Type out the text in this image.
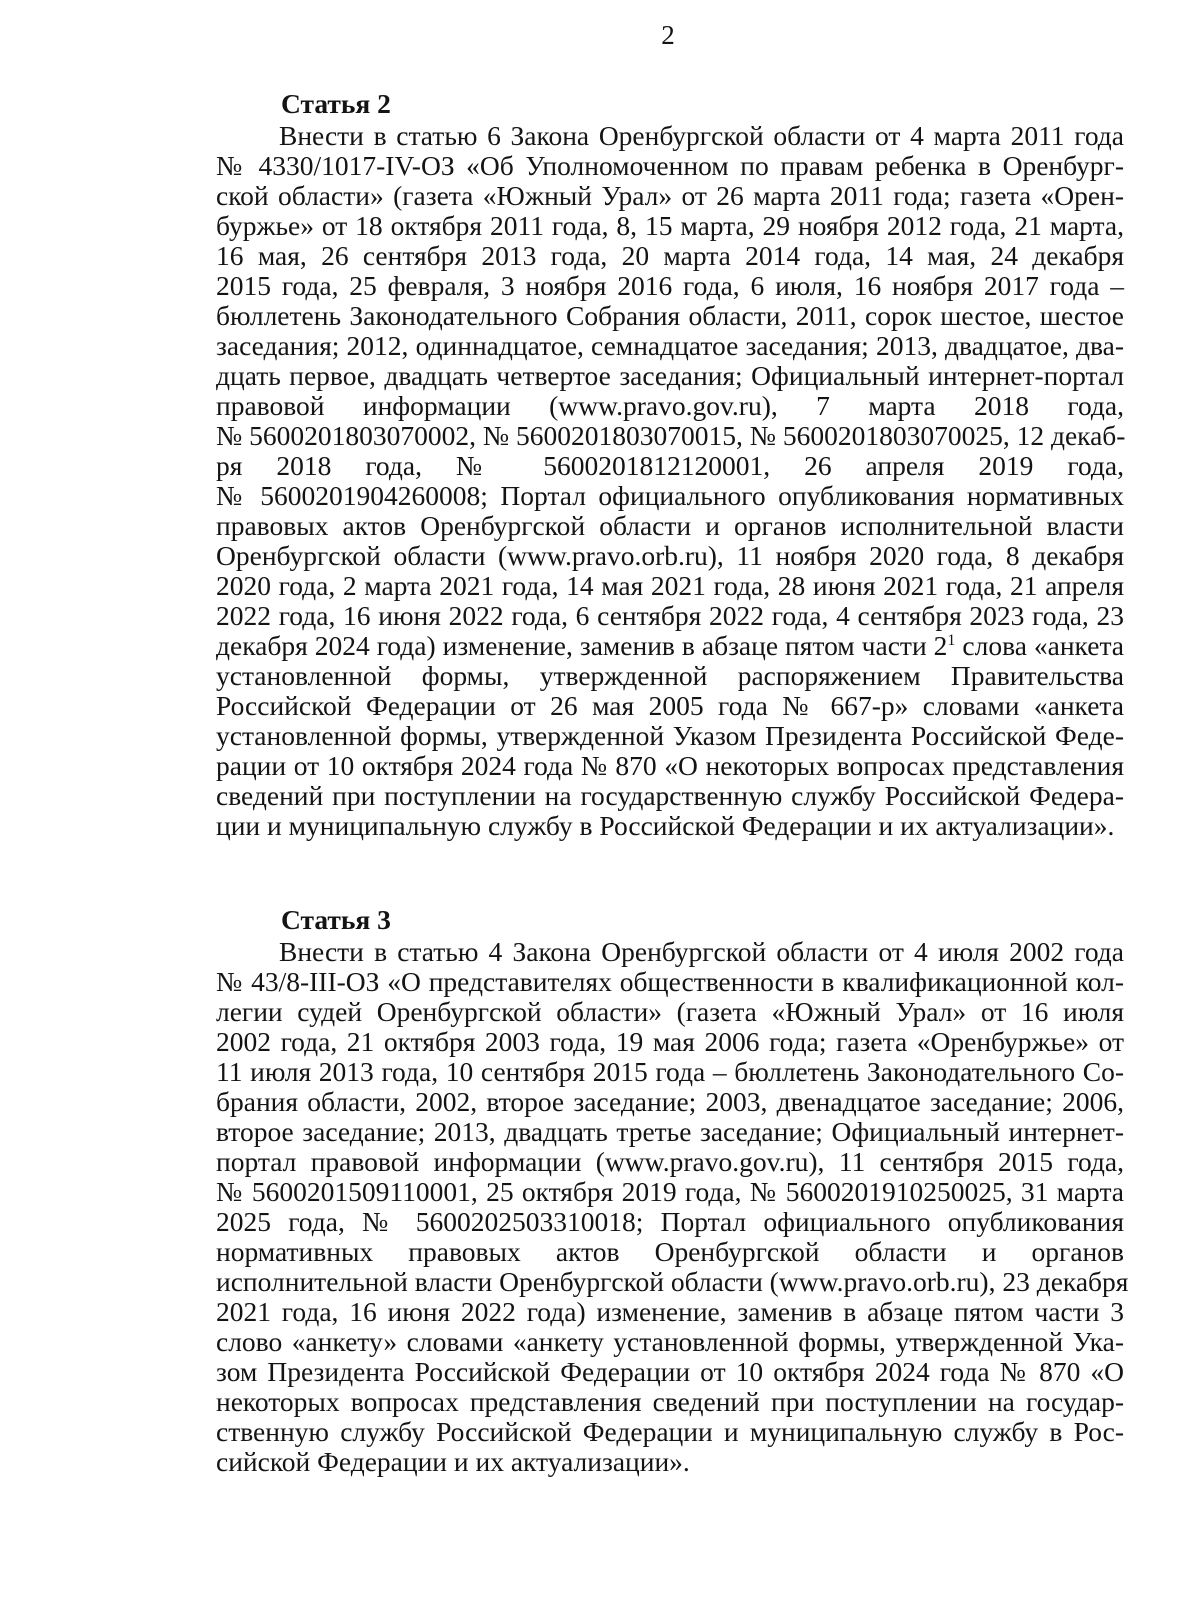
2
Статья 2
Внести в статью 6 Закона Оренбургской области от 4 марта 2011 года
№ 4330/1017-IV-ОЗ «Об Уполномоченном по правам ребенка в Оренбург-
ской области» (газета «Южный Урал» от 26 марта 2011 года; газета «Орен-
буржье» от 18 октября 2011 года, 8, 15 марта, 29 ноября 2012 года, 21 марта,
16 мая, 26 сентября 2013 года, 20 марта 2014 года, 14 мая, 24 декабря
2015 года, 25 февраля, 3 ноября 2016 года, 6 июля, 16 ноября 2017 года –
бюллетень Законодательного Собрания области, 2011, сорок шестое, шестое
заседания; 2012, одиннадцатое, семнадцатое заседания; 2013, двадцатое, два-
дцать первое, двадцать четвертое заседания; Официальный интернет-портал
правовой информации (www.pravo.gov.ru), 7 марта 2018 года,
№ 5600201803070002, № 5600201803070015, № 5600201803070025, 12 декаб-
ря 2018 года, № 5600201812120001, 26 апреля 2019 года,
№ 5600201904260008; Портал официального опубликования нормативных
правовых актов Оренбургской области и органов исполнительной власти
Оренбургской области (www.pravo.orb.ru), 11 ноября 2020 года, 8 декабря
2020 года, 2 марта 2021 года, 14 мая 2021 года, 28 июня 2021 года, 21 апреля
2022 года, 16 июня 2022 года, 6 сентября 2022 года, 4 сентября 2023 года, 23
декабря 2024 года) изменение, заменив в абзаце пятом части $2^1$ слова «анкета
установленной формы, утвержденной распоряжением Правительства
Российской Федерации от 26 мая 2005 года № 667-р» словами «анкета
установленной формы, утвержденной Указом Президента Российской Феде-
рации от 10 октября 2024 года № 870 «О некоторых вопросах представления
сведений при поступлении на государственную службу Российской Федера-
ции и муниципальную службу в Российской Федерации и их актуализации».
Статья 3
Внести в статью 4 Закона Оренбургской области от 4 июля 2002 года
№ 43/8-III-ОЗ «О представителях общественности в квалификационной кол-
легии судей Оренбургской области» (газета «Южный Урал» от 16 июля
2002 года, 21 октября 2003 года, 19 мая 2006 года; газета «Оренбуржье» от
11 июля 2013 года, 10 сентября 2015 года – бюллетень Законодательного Со-
брания области, 2002, второе заседание; 2003, двенадцатое заседание; 2006,
второе заседание; 2013, двадцать третье заседание; Официальный интернет-
портал правовой информации (www.pravo.gov.ru), 11 сентября 2015 года,
№ 5600201509110001, 25 октября 2019 года, № 5600201910250025, 31 марта
2025 года, № 5600202503310018; Портал официального опубликования
нормативных правовых актов Оренбургской области и органов
исполнительной власти Оренбургской области (www.pravo.orb.ru), 23 декабря
2021 года, 16 июня 2022 года) изменение, заменив в абзаце пятом части 3
слово «анкету» словами «анкету установленной формы, утвержденной Ука-
зом Президента Российской Федерации от 10 октября 2024 года № 870 «О
некоторых вопросах представления сведений при поступлении на государ-
ственную службу Российской Федерации и муниципальную службу в Рос-
сийской Федерации и их актуализации».
